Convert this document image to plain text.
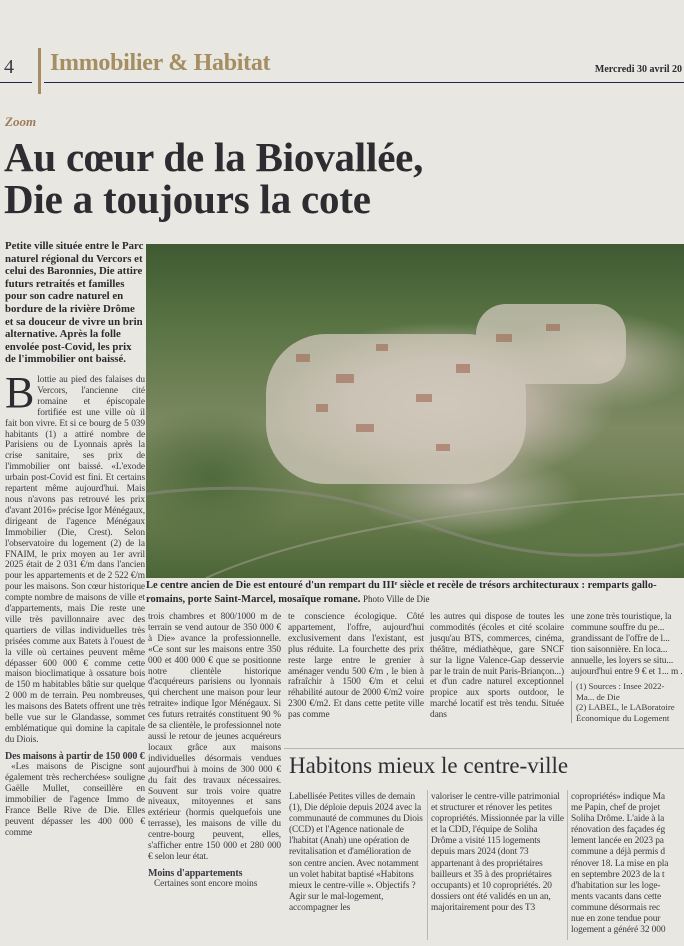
4 Immobilier & Habitat	Mercredi 30 avril 20
Zoom
Au cœur de la Biovallée,
Die a toujours la cote
Petite ville située entre le Parc naturel régional du Vercors et celui des Baronnies, Die attire futurs retraités et familles pour son cadre naturel en bordure de la rivière Drôme et sa douceur de vivre un brin alternative. Après la folle envolée post-Covid, les prix de l'immobilier ont baissé.
B lottie au pied des falaises du Vercors, l'ancienne cité romaine et épiscopale fortifiée est une ville où il fait bon vivre. Et si ce bourg de 5 039 habitants (1) a attiré nombre de Parisiens ou de Lyonnais après la crise sanitaire, ses prix de l'immobilier ont baissé. «L'exode urbain post-Covid est fini. Et certains repartent même aujourd'hui. Mais nous n'avons pas retrouvé les prix d'avant 2016» précise Igor Ménégaux, dirigeant de l'agence Ménégaux Immobilier (Die, Crest). Selon l'observatoire du logement (2) de la FNAIM, le prix moyen au 1er avril 2025 était de 2 031 €/m dans l'ancien pour les appartements et de 2 522 €/m pour les maisons. Son cœur historique compte nombre de maisons de ville et d'appartements, mais Die reste une ville très pavillonnaire avec des quartiers de villas individuelles très prisées comme aux Batets à l'ouest de la ville où certaines peuvent même dépasser 600 000 € comme cette maison bioclimatique à ossature bois de 150 m habitables bâtie sur quelque 2 000 m de terrain. Peu nombreuses, les maisons des Batets offrent une très belle vue sur le Glandasse, sommet emblématique qui domine la capitale du Diois.

Des maisons à partir de 150 000 €

«Les maisons de Piscigne sont également très recherchées» souligne Gaëlle Mullet, conseillère en immobilier de l'agence Immo de France Belle Rive de Die. Elles peuvent dépasser les 400 000 € comme

Le centre ancien de Die est entouré d'un rempart du IIIᵉ siècle et recèle de trésors architecturaux : remparts gallo-romains, porte Saint-Marcel, mosaïque romane. Photo Ville de Die

trois chambres et 800/1000 m de terrain se vend autour de 350 000 € à Die» avance la professionnelle. «Ce sont sur les maisons entre 350 000 et 400 000 € que se positionne notre clientèle historique d'acquéreurs parisiens ou lyonnais qui cherchent une maison pour leur retraite» indique Igor Ménégaux. Si ces futurs retraités constituent 90 % de sa clientèle, le professionnel note aussi le retour de jeunes acquéreurs locaux grâce aux maisons individuelles désormais vendues aujourd'hui à moins de 300 000 € du fait des travaux nécessaires. Souvent sur trois voire quatre niveaux, mitoyennes et sans extérieur (hormis quelquefois une terrasse), les maisons de ville du centre-bourg peuvent, elles, s'afficher entre 150 000 et 280 000 € selon leur état.

Moins d'appartements

Certaines sont encore moins

te conscience écologique. Côté appartement, l'offre, aujourd'hui exclusivement dans l'existant, est plus réduite. La fourchette des prix reste large entre le grenier à aménager vendu 500 €/m , le bien à rafraîchir à 1500 €/m et celui réhabilité autour de 2000 €/m2 voire 2300 €/m2. Et dans cette petite ville pas comme

les autres qui dispose de toutes les commodités (écoles et cité scolaire jusqu'au BTS, commerces, cinéma, théâtre, médiathèque, gare SNCF sur la ligne Valence-Gap desservie par le train de nuit Paris-Briançon...) et d'un cadre naturel exceptionnel propice aux sports outdoor, le marché locatif est très tendu. Située dans

une zone très touristique, la commune souffre du pe... grandissant de l'offre de l... tion saisonnière. En loca... annuelle, les loyers se situ... aujourd'hui entre 9 € et 1... m .

(1) Sources : Insee 2022- Ma... de Die
(2) LABEL, le LABoratoire Économique du Logement
Habitons mieux le centre-ville

Labellisée Petites villes de demain (1), Die déploie depuis 2024 avec la communauté de communes du Diois (CCD) et l'Agence nationale de l'habitat (Anah) une opération de revitalisation et d'amélioration de son centre ancien. Avec notamment un volet habitat baptisé «Habitons mieux le centre-ville ». Objectifs ? Agir sur le mal-logement, accompagner les

valoriser le centre-ville patrimonial et structurer et rénover les petites copropriétés. Missionnée par la ville et la CDD, l'équipe de Soliha Drôme a visité 115 logements depuis mars 2024 (dont 73 appartenant à des propriétaires bailleurs et 35 à des propriétaires occupants) et 10 copropriétés. 20 dossiers ont été validés en un an, majoritairement pour des T3

copropriétés» indique Ma

me Papin, chef de projet

Soliha Drôme. L'aide à la

rénovation des façades ég

lement lancée en 2023 pa

commune a déjà permis d

rénover 18. La mise en pla

en septembre 2023 de la t

d'habitation sur les loge-

ments vacants dans cette

commune désormais rec

nue en zone tendue pour

logement a généré 32 000
